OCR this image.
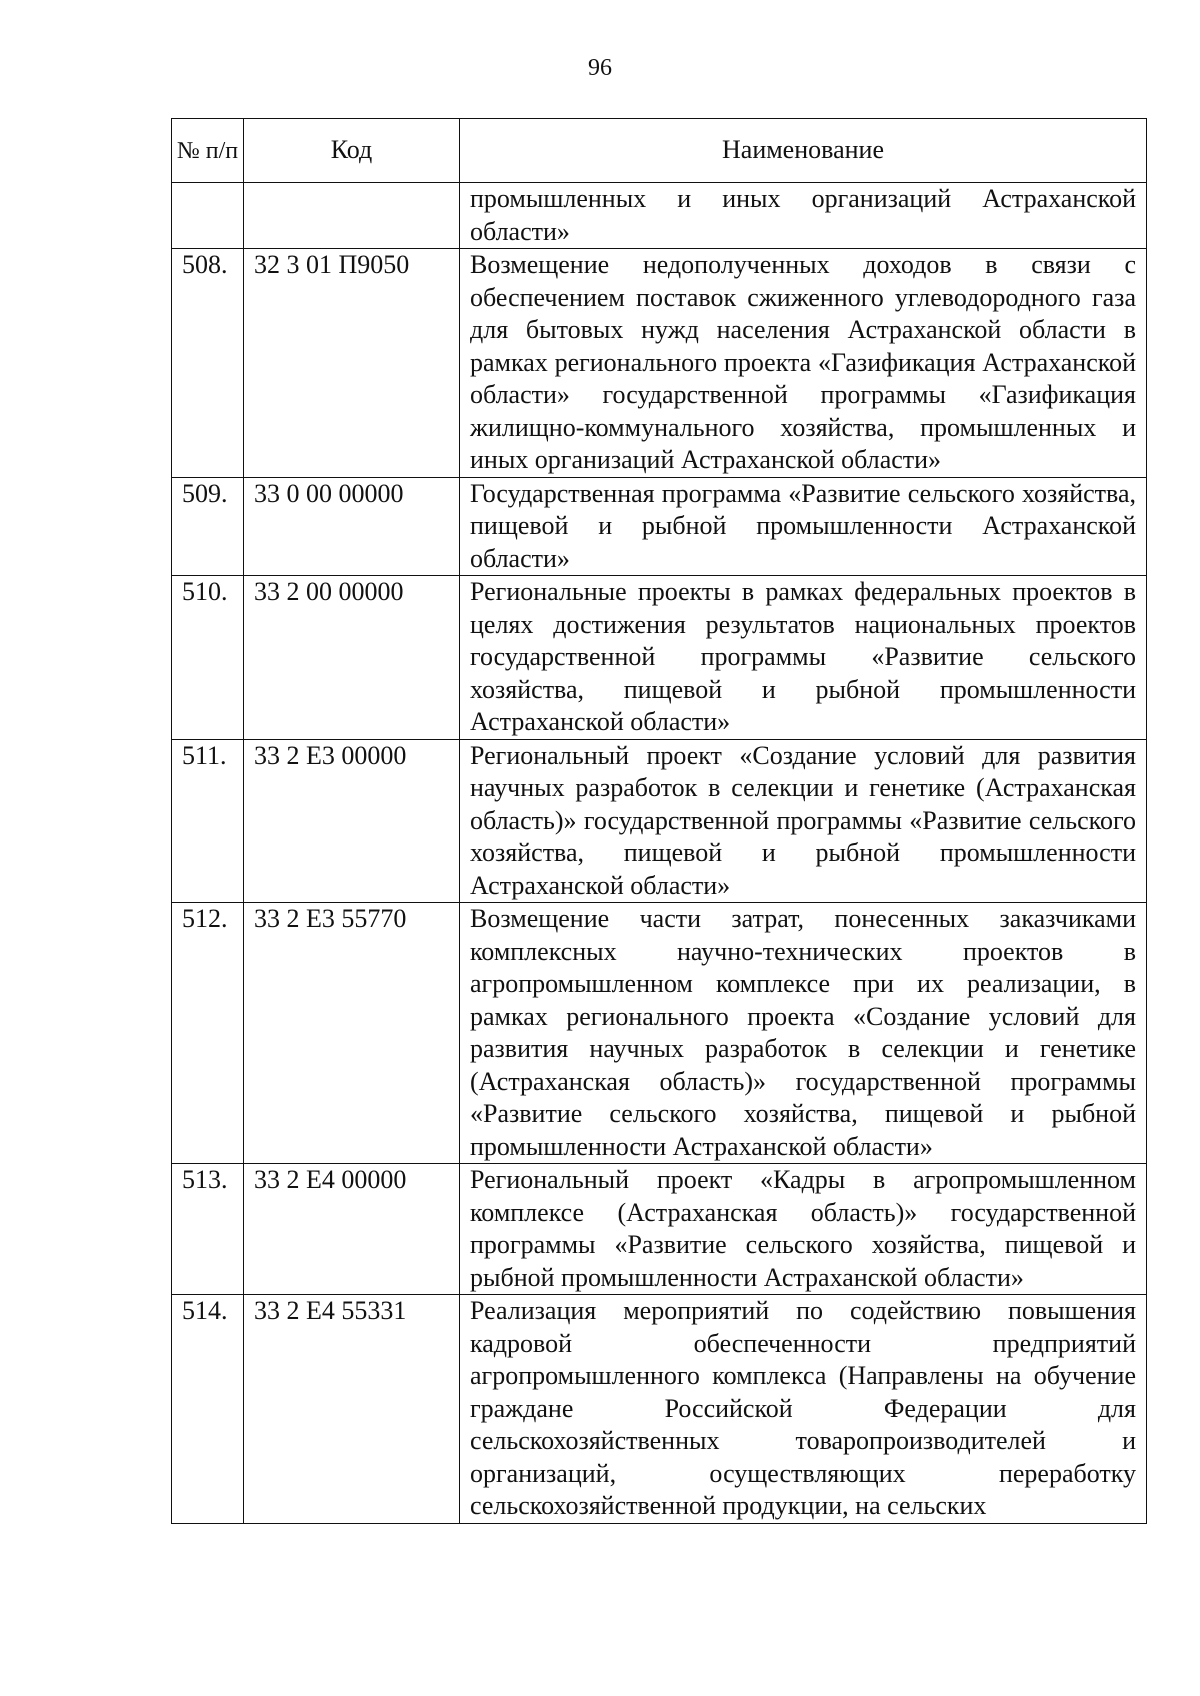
96
№ п/п	Код	Наименование
		промышленных и иных организаций Астраханской области»
508.	32 3 01 П9050	Возмещение недополученных доходов в связи с обеспечением поставок сжиженного углеводородного газа для бытовых нужд населения Астраханской области в рамках регионального проекта «Газификация Астраханской области» государственной программы «Газификация жилищно-коммунального хозяйства, промышленных и иных организаций Астраханской области»
509.	33 0 00 00000	Государственная программа «Развитие сельского хозяйства, пищевой и рыбной промышленности Астраханской области»
510.	33 2 00 00000	Региональные проекты в рамках федеральных проектов в целях достижения результатов национальных проектов государственной программы «Развитие сельского хозяйства, пищевой и рыбной промышленности Астраханской области»
511.	33 2 Е3 00000	Региональный проект «Создание условий для развития научных разработок в селекции и генетике (Астраханская область)» государственной программы «Развитие сельского хозяйства, пищевой и рыбной промышленности Астраханской области»
512.	33 2 Е3 55770	Возмещение части затрат, понесенных заказчиками комплексных научно-технических проектов в агропромышленном комплексе при их реализации, в рамках регионального проекта «Создание условий для развития научных разработок в селекции и генетике (Астраханская область)» государственной программы «Развитие сельского хозяйства, пищевой и рыбной промышленности Астраханской области»
513.	33 2 Е4 00000	Региональный проект «Кадры в агропромышленном комплексе (Астраханская область)» государственной программы «Развитие сельского хозяйства, пищевой и рыбной промышленности Астраханской области»
514.	33 2 Е4 55331	Реализация мероприятий по содействию повышения кадровой обеспеченности предприятий агропромышленного комплекса (Направлены на обучение граждане Российской Федерации для сельскохозяйственных товаропроизводителей и организаций, осуществляющих переработку сельскохозяйственной продукции, на сельских
